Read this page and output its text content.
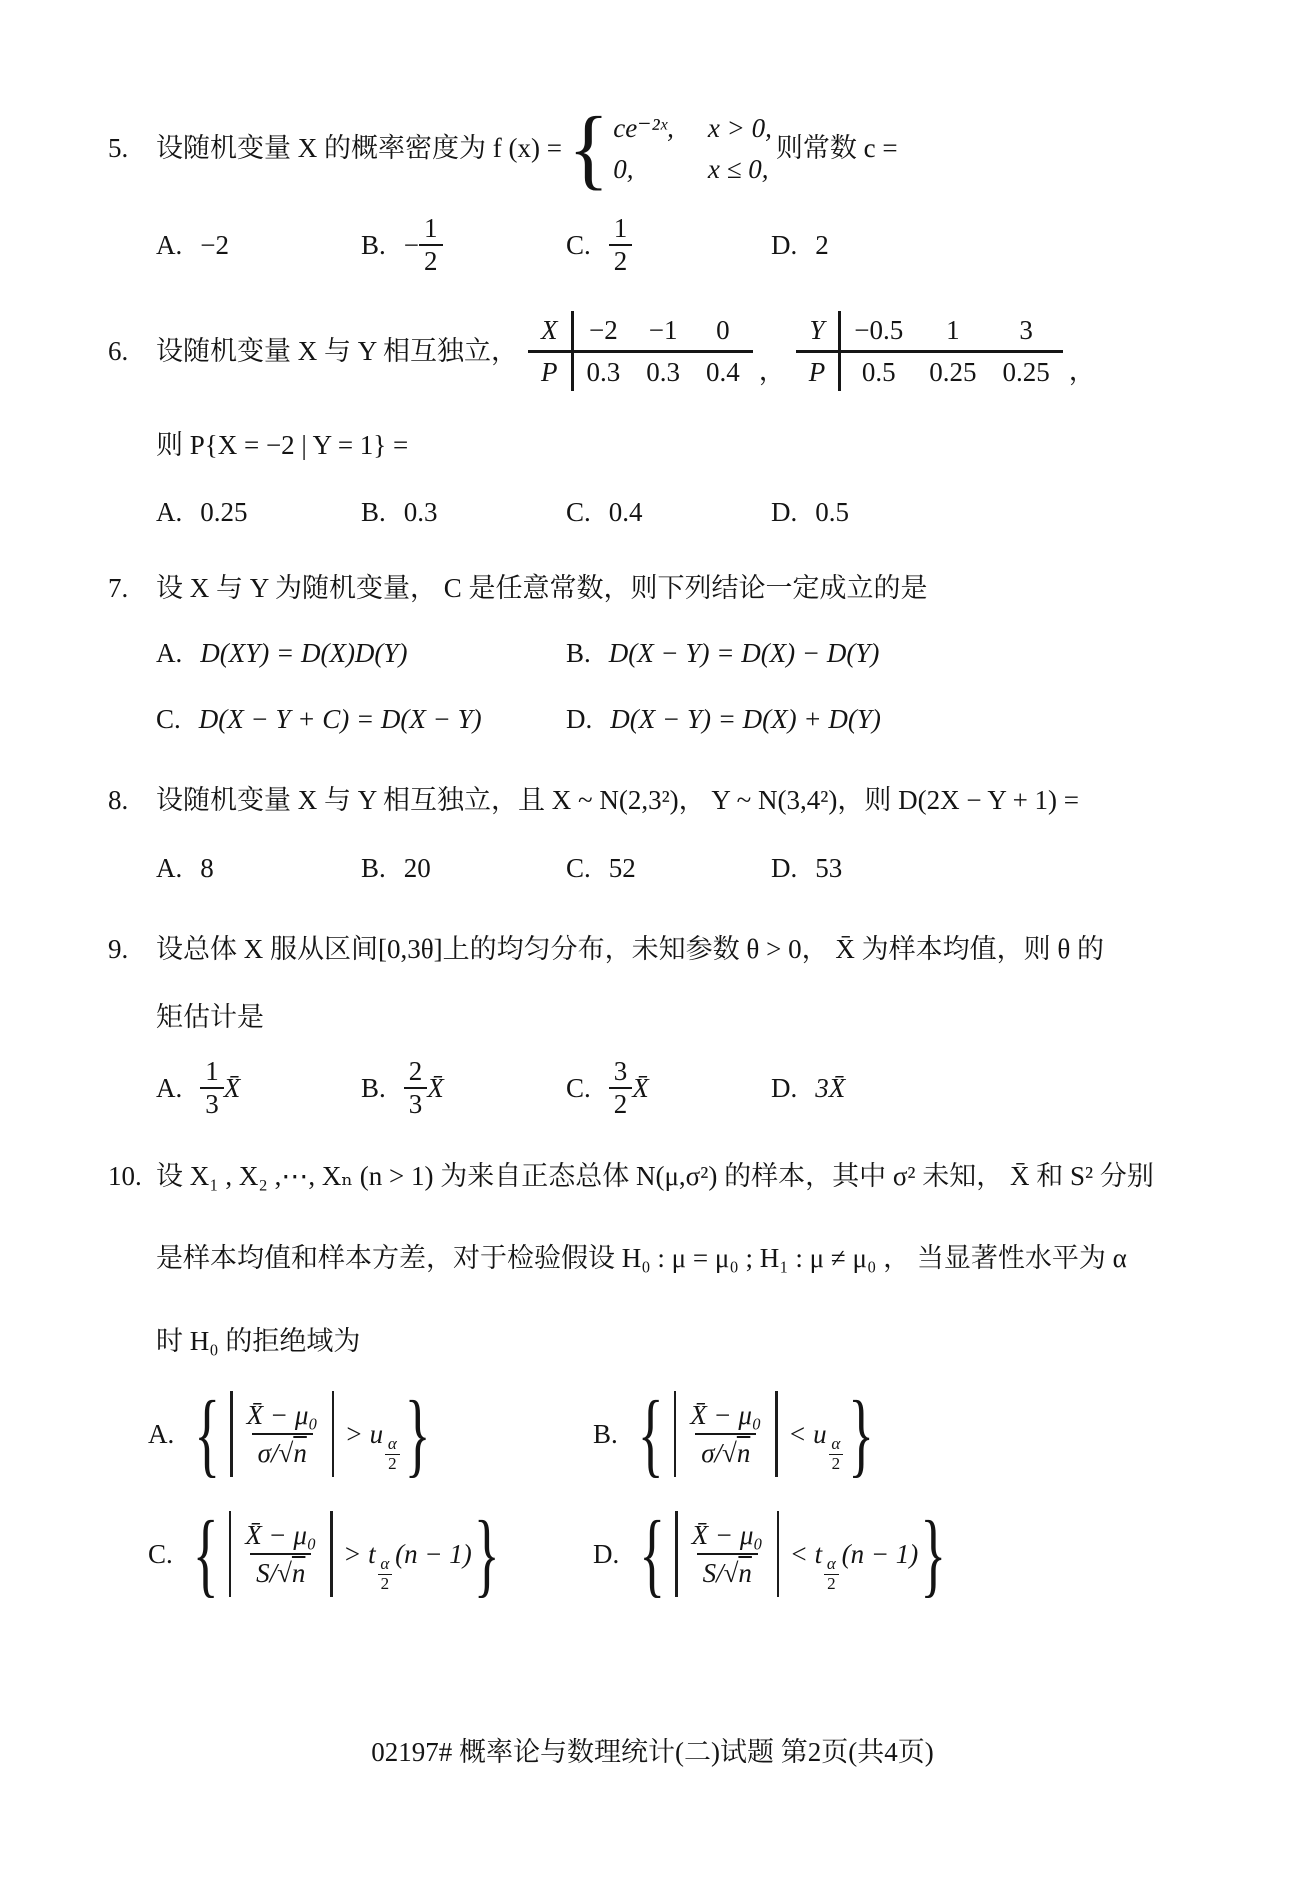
5.	设随机变量 X 的概率密度为 f (x) = { ce⁻²ˣ, x > 0,
0,	x ≤ 0,
则常数 c =
A. −2	B. − $\frac{1}{2}$	C. $\frac{1}{2}$	D. 2
6.	设随机变量 X 与 Y 相互独立，
X	−2	−1	0
P	0.3	0.3	0.4 ，
Y	−0.5	1	3
P	0.5	0.25	0.25 ，
则 P{X = −2 | Y = 1} =
A. 0.25	B. 0.3	C. 0.4	D. 0.5
7.	设 X 与 Y 为随机变量， C 是任意常数，则下列结论一定成立的是
A. D(XY) = D(X)D(Y)	B. D(X − Y) = D(X) − D(Y)
C. D(X − Y + C) = D(X − Y)	D. D(X − Y) = D(X) + D(Y)
8.	设随机变量 X 与 Y 相互独立，且 X ~ N(2,3²)， Y ~ N(3,4²)，则 D(2X − Y + 1) =
A. 8	B. 20	C. 52	D. 53
9.	设总体 X 服从区间[0,3θ]上的均匀分布，未知参数 θ > 0， X̄ 为样本均值，则 θ 的
矩估计是
A. $\frac{1}{3}$ X̄	B. $\frac{2}{3}$ X̄	C. $\frac{3}{2}$ X̄	D. 3X̄
10. 设 X₁ , X₂ ,⋯, Xₙ (n > 1) 为来自正态总体 N(μ,σ²) 的样本，其中 σ² 未知， X̄ 和 S² 分别
是样本均值和样本方差，对于检验假设 H₀ : μ = μ₀ ; H₁ : μ ≠ μ₀ ， 当显著性水平为 α
时 H₀ 的拒绝域为
A. { $\frac{\text{X̄ − μ₀}}{\sigma/√n} > u$
$\frac{\alpha}{2}$ }	B. { $\frac{\text{X̄ − μ₀}}{\sigma/√n} < u$
$\frac{\alpha}{2}$ }
C. { $\frac{\text{X̄ − μ₀}}{S/√n} > t$
$\frac{\alpha}{2}$
(n − 1) }	D. { $\frac{\text{X̄ − μ₀}}{S/√n} < t$
$\frac{\alpha}{2}$
(n − 1) }
02197# 概率论与数理统计(二)试题 第2页(共4页)
